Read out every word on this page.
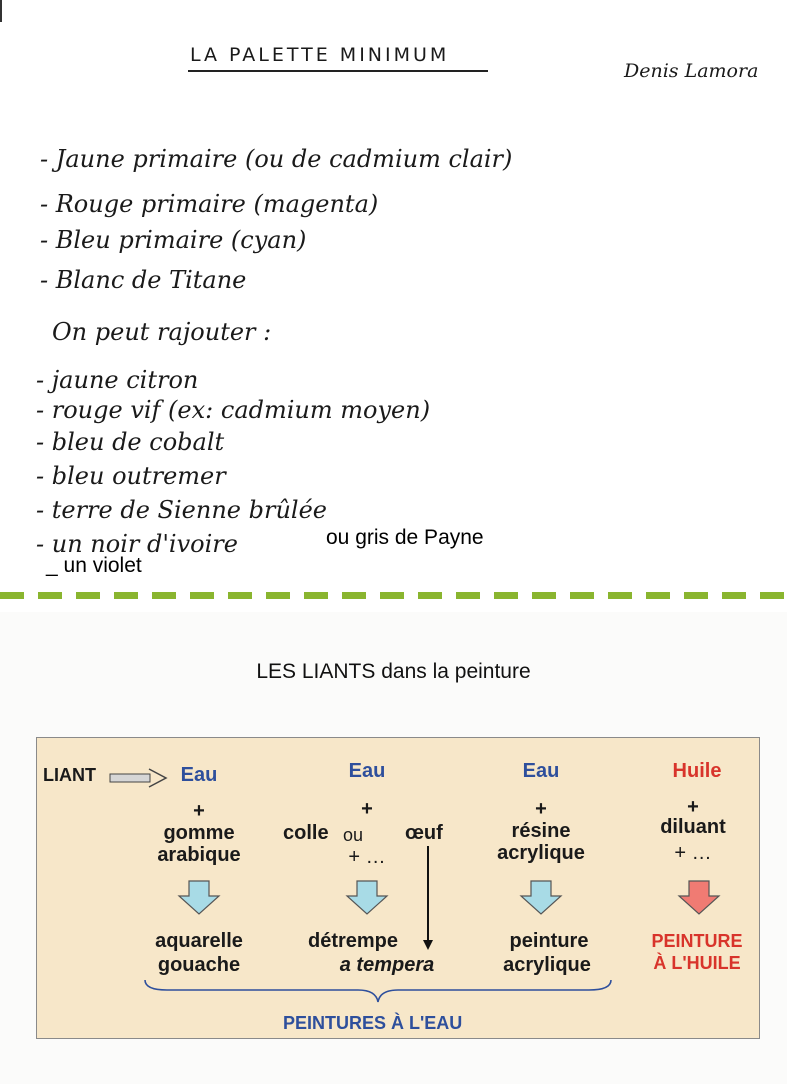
LA PALETTE MINIMUM
Denis Lamora
- Jaune primaire (ou de cadmium clair)
- Rouge primaire (magenta)
- Bleu primaire (cyan)
- Blanc de Titane
On peut rajouter :
- jaune citron
- rouge vif (ex: cadmium moyen)
- bleu de cobalt
- bleu outremer
- terre de Sienne brûlée
- un noir d'ivoire	ou gris de Payne
_ un violet
LES LIANTS dans la peinture
LIANT	Eau
+
gomme
arabique
aquarelle
gouache
Eau
+
colle ou œuf
+ …
détrempe
a tempera
Eau
+
résine
acrylique
peinture
acrylique
Huile
+
diluant
+ …
PEINTURE
À L'HUILE
PEINTURES À L'EAU
